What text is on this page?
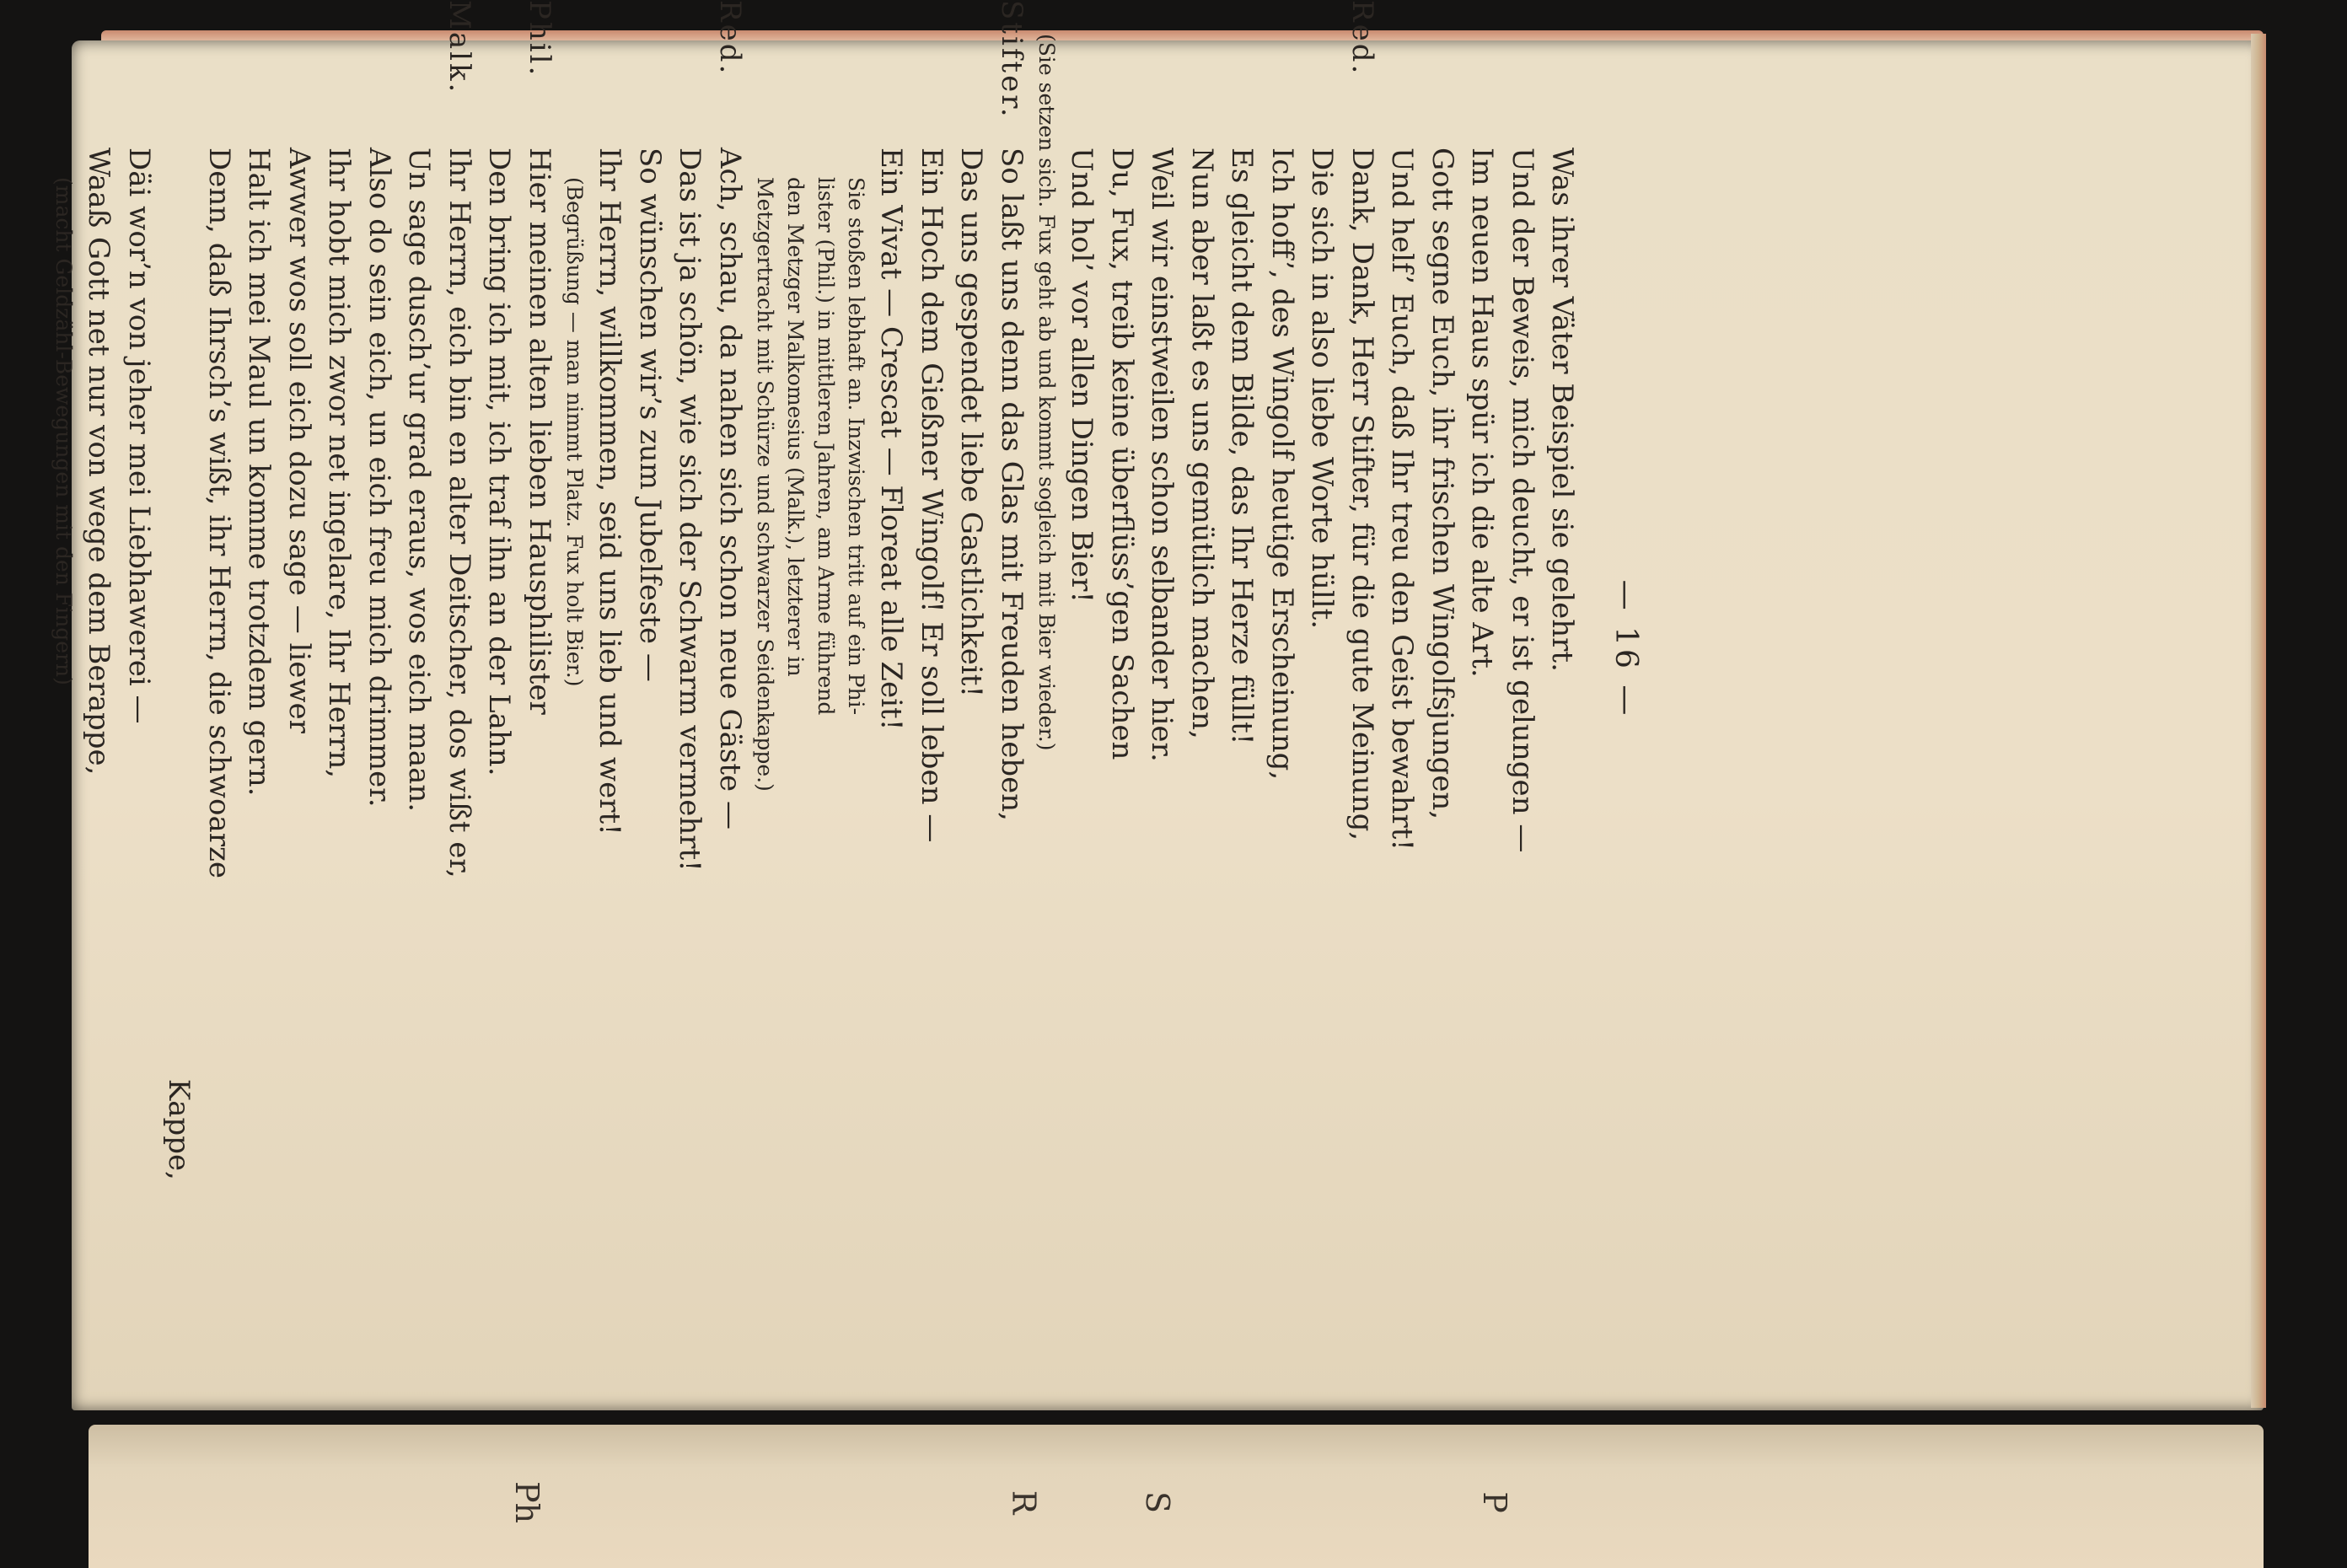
— 16 —
Was ihrer Väter Beispiel sie gelehrt.
Und der Beweis, mich deucht, er ist gelungen —
Im neuen Haus spür ich die alte Art.
Gott segne Euch, ihr frischen Wingolfsjungen,
Und helf’ Euch, daß Ihr treu den Geist bewahrt!
Red.
Dank, Dank, Herr Stifter, für die gute Meinung,
Die sich in also liebe Worte hüllt.
Ich hoff’, des Wingolf heutige Erscheinung,
Es gleicht dem Bilde, das Ihr Herze füllt!
Nun aber laßt es uns gemütlich machen,
Weil wir einstweilen schon selbander hier.
Du, Fux, treib keine überflüss’gen Sachen
Und hol’ vor allen Dingen Bier!
(Sie setzen sich. Fux geht ab und kommt sogleich mit Bier wieder.)
Stifter.
So laßt uns denn das Glas mit Freuden heben,
Das uns gespendet liebe Gastlichkeit!
Ein Hoch dem Gießner Wingolf! Er soll leben —
Ein Vivat — Crescat — Floreat alle Zeit!
Sie stoßen lebhaft an. Inzwischen tritt auf ein Phi-
lister (Phil.) in mittleren Jahren, am Arme führend
den Metzger Malkomesius (Malk.), letzterer in
Metzgertracht mit Schürze und schwarzer Seidenkappe.)
Red.
Ach, schau, da nahen sich schon neue Gäste —
Das ist ja schön, wie sich der Schwarm vermehrt!
So wünschen wir’s zum Jubelfeste —
Ihr Herrn, willkommen, seid uns lieb und wert!
(Begrüßung — man nimmt Platz. Fux holt Bier.)
Phil.
Hier meinen alten lieben Hausphilister
Den bring ich mit, ich traf ihn an der Lahn.
Malk.
Ihr Herrn, eich bin en alter Deitscher, dos wißt er,
Un sage dusch’ur grad eraus, wos eich maan.
Also do sein eich, un eich freu mich drimmer.
Ihr hobt mich zwor net ingelare, Ihr Herrn,
Awwer wos soll eich dozu sage — liewer
Halt ich mei Maul un komme trotzdem gern.
Denn, daß Ihrsch’s wißt, ihr Herrn, die schwoarze
Kappe,
Däi wor’n von jeher mei Liebhawerei —
Waaß Gott net nur von wege dem Berappe,
(macht Geldzähl-Bewegungen mit den Fingern)
Ph	R	S	P
